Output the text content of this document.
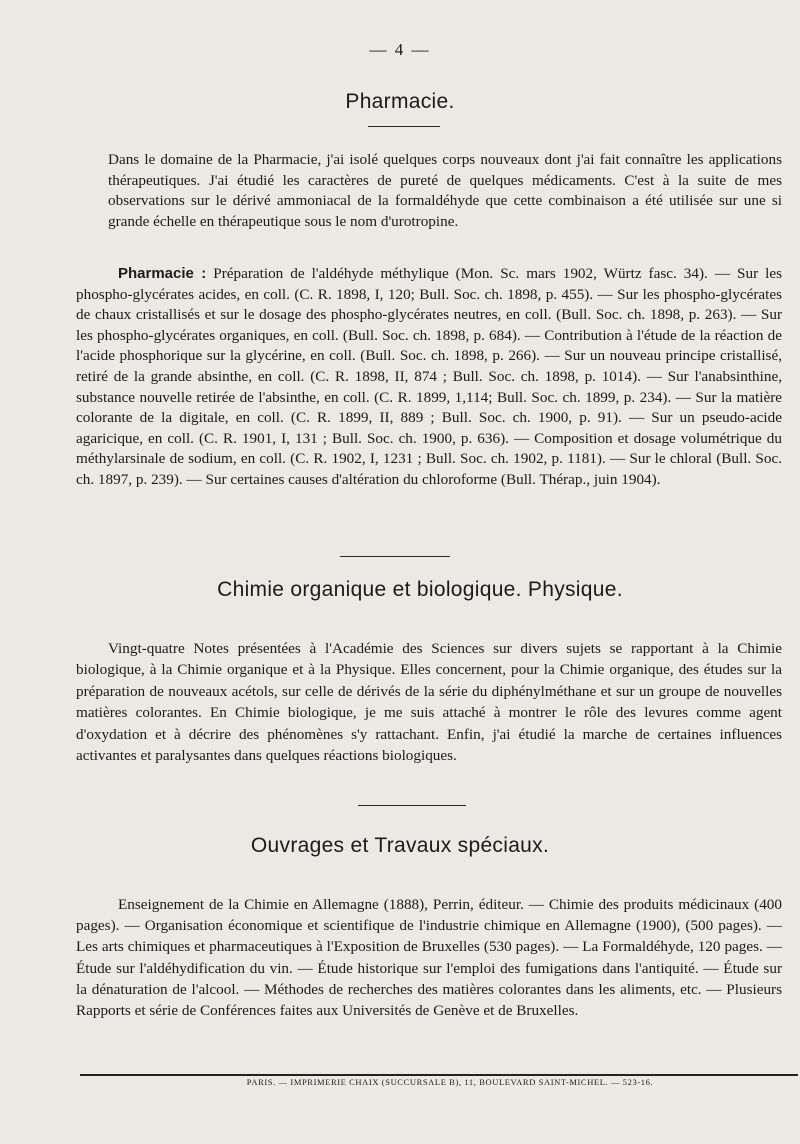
— 4 —
Pharmacie.

Dans le domaine de la Pharmacie, j'ai isolé quelques corps nouveaux dont j'ai fait connaître les applications thérapeutiques. J'ai étudié les caractères de pureté de quelques médicaments. C'est à la suite de mes observations sur le dérivé ammoniacal de la formaldéhyde que cette combinaison a été utilisée sur une si grande échelle en thérapeutique sous le nom d'urotropine.

Pharmacie : Préparation de l'aldéhyde méthylique (Mon. Sc. mars 1902, Würtz fasc. 34). — Sur les phospho-glycérates acides, en coll. (C. R. 1898, I, 120; Bull. Soc. ch. 1898, p. 455). — Sur les phospho-glycérates de chaux cristallisés et sur le dosage des phospho-glycérates neutres, en coll. (Bull. Soc. ch. 1898, p. 263). — Sur les phospho-glycérates organiques, en coll. (Bull. Soc. ch. 1898, p. 684). — Contribution à l'étude de la réaction de l'acide phosphorique sur la glycérine, en coll. (Bull. Soc. ch. 1898, p. 266). — Sur un nouveau principe cristallisé, retiré de la grande absinthe, en coll. (C. R. 1898, II, 874 ; Bull. Soc. ch. 1898, p. 1014). — Sur l'anabsinthine, substance nouvelle retirée de l'absinthe, en coll. (C. R. 1899, 1,114; Bull. Soc. ch. 1899, p. 234). — Sur la matière colorante de la digitale, en coll. (C. R. 1899, II, 889 ; Bull. Soc. ch. 1900, p. 91). — Sur un pseudo-acide agaricique, en coll. (C. R. 1901, I, 131 ; Bull. Soc. ch. 1900, p. 636). — Composition et dosage volumétrique du méthylarsinale de sodium, en coll. (C. R. 1902, I, 1231 ; Bull. Soc. ch. 1902, p. 1181). — Sur le chloral (Bull. Soc. ch. 1897, p. 239). — Sur certaines causes d'altération du chloroforme (Bull. Thérap., juin 1904).

Chimie organique et biologique. Physique.

Vingt-quatre Notes présentées à l'Académie des Sciences sur divers sujets se rapportant à la Chimie biologique, à la Chimie organique et à la Physique. Elles concernent, pour la Chimie organique, des études sur la préparation de nouveaux acétols, sur celle de dérivés de la série du diphénylméthane et sur un groupe de nouvelles matières colorantes. En Chimie biologique, je me suis attaché à montrer le rôle des levures comme agent d'oxydation et à décrire des phénomènes s'y rattachant. Enfin, j'ai étudié la marche de certaines influences activantes et paralysantes dans quelques réactions biologiques.

Ouvrages et Travaux spéciaux.

Enseignement de la Chimie en Allemagne (1888), Perrin, éditeur. — Chimie des produits médicinaux (400 pages). — Organisation économique et scientifique de l'industrie chimique en Allemagne (1900), (500 pages). — Les arts chimiques et pharmaceutiques à l'Exposition de Bruxelles (530 pages). — La Formaldéhyde, 120 pages. — Étude sur l'aldéhydification du vin. — Étude historique sur l'emploi des fumigations dans l'antiquité. — Étude sur la dénaturation de l'alcool. — Méthodes de recherches des matières colorantes dans les aliments, etc. — Plusieurs Rapports et série de Conférences faites aux Universités de Genève et de Bruxelles.

PARIS. — IMPRIMERIE CHAIX (SUCCURSALE B), 11, BOULEVARD SAINT-MICHEL. — 523-16.
